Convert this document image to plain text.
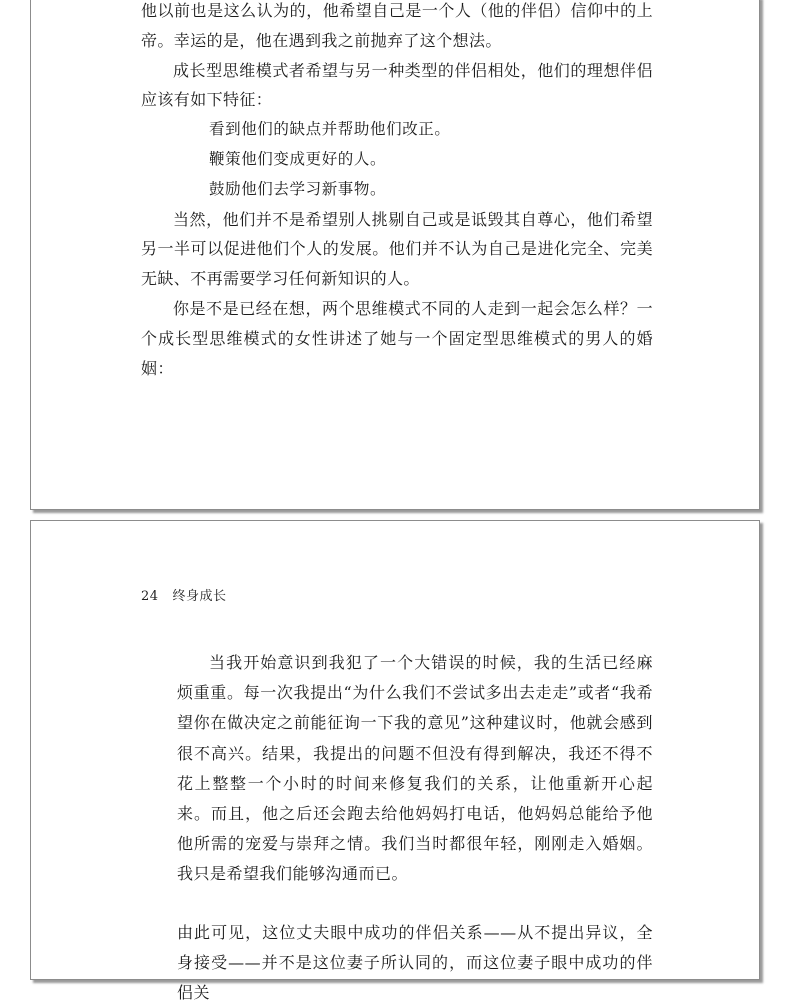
他以前也是这么认为的，他希望自己是一个人（他的伴侣）信仰中的上帝。幸运的是，他在遇到我之前抛弃了这个想法。

成长型思维模式者希望与另一种类型的伴侣相处，他们的理想伴侣应该有如下特征：

看到他们的缺点并帮助他们改正。

鞭策他们变成更好的人。

鼓励他们去学习新事物。

当然，他们并不是希望别人挑剔自己或是诋毁其自尊心，他们希望另一半可以促进他们个人的发展。他们并不认为自己是进化完全、完美无缺、不再需要学习任何新知识的人。

你是不是已经在想，两个思维模式不同的人走到一起会怎么样？一个成长型思维模式的女性讲述了她与一个固定型思维模式的男人的婚姻：

24 终身成长

当我开始意识到我犯了一个大错误的时候，我的生活已经麻烦重重。每一次我提出“为什么我们不尝试多出去走走”或者“我希望你在做决定之前能征询一下我的意见”这种建议时，他就会感到很不高兴。结果，我提出的问题不但没有得到解决，我还不得不花上整整一个小时的时间来修复我们的关系，让他重新开心起来。而且，他之后还会跑去给他妈妈打电话，他妈妈总能给予他他所需的宠爱与崇拜之情。我们当时都很年轻，刚刚走入婚姻。我只是希望我们能够沟通而已。

由此可见，这位丈夫眼中成功的伴侣关系——从不提出异议，全身接受——并不是这位妻子所认同的，而这位妻子眼中成功的伴侣关
